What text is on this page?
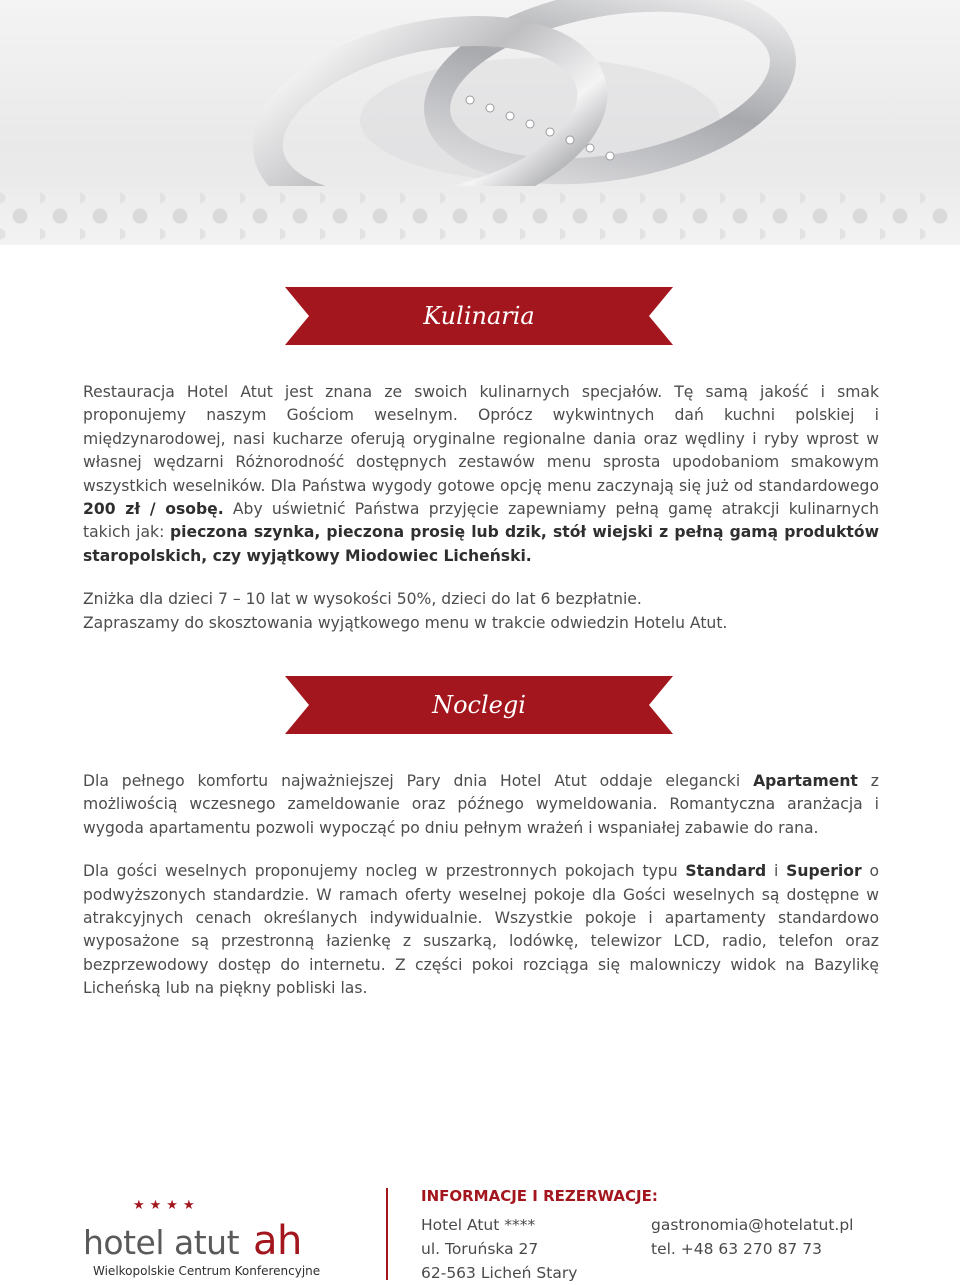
Kulinaria

Restauracja Hotel Atut jest znana ze swoich kulinarnych specjałów. Tę samą jakość i smak proponujemy naszym Gościom weselnym. Oprócz wykwintnych dań kuchni polskiej i międzynarodowej, nasi kucharze oferują oryginalne regionalne dania oraz wędliny i ryby wprost w własnej wędzarni Różnorodność dostępnych zestawów menu sprosta upodobaniom smakowym wszystkich weselników. Dla Państwa wygody gotowe opcję menu zaczynają się już od standardowego 200 zł / osobę. Aby uświetnić Państwa przyjęcie zapewniamy pełną gamę atrakcji kulinarnych takich jak: pieczona szynka, pieczona prosię lub dzik, stół wiejski z pełną gamą produktów staropolskich, czy wyjątkowy Miodowiec Licheński.

Zniżka dla dzieci 7 – 10 lat w wysokości 50%, dzieci do lat 6 bezpłatnie.

Zapraszamy do skosztowania wyjątkowego menu w trakcie odwiedzin Hotelu Atut.

Noclegi

Dla pełnego komfortu najważniejszej Pary dnia Hotel Atut oddaje elegancki Apartament z możliwością wczesnego zameldowanie oraz późnego wymeldowania. Romantyczna aranżacja i wygoda apartamentu pozwoli wypocząć po dniu pełnym wrażeń i wspaniałej zabawie do rana.

Dla gości weselnych proponujemy nocleg w przestronnych pokojach typu Standard i Superior o podwyższonych standardzie. W ramach oferty weselnej pokoje dla Gości weselnych są dostępne w atrakcyjnych cenach określanych indywidualnie. Wszystkie pokoje i apartamenty standardowo wyposażone są przestronną łazienkę z suszarką, lodówkę, telewizor LCD, radio, telefon oraz bezprzewodowy dostęp do internetu. Z części pokoi rozciąga się malowniczy widok na Bazylikę Licheńską lub na piękny pobliski las.

★★★★
hotel atut ah
Wielkopolskie Centrum Konferencyjne
INFORMACJE I REZERWACJE:
Hotel Atut ****
ul. Toruńska 27
62-563 Licheń Stary
gastronomia@hotelatut.pl
tel. +48 63 270 87 73
